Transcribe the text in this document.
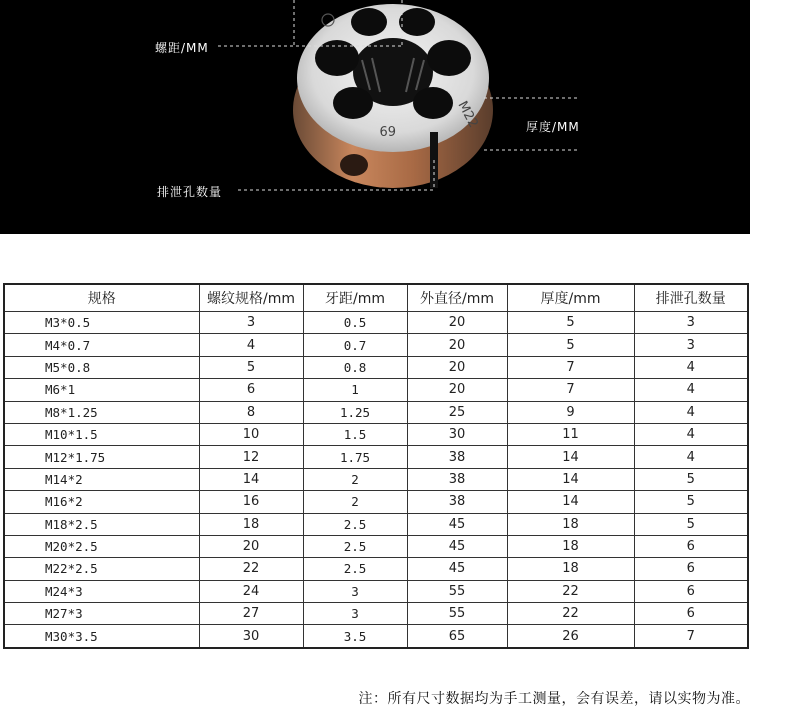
M22
69
螺距/MM
厚度/MM
排泄孔数量
规格	螺纹规格/mm	牙距/mm	外直径/mm	厚度/mm	排泄孔数量
M3*0.5	3	0.5	20	5	3
M4*0.7	4	0.7	20	5	3
M5*0.8	5	0.8	20	7	4
M6*1	6	1	20	7	4
M8*1.25	8	1.25	25	9	4
M10*1.5	10	1.5	30	11	4
M12*1.75	12	1.75	38	14	4
M14*2	14	2	38	14	5
M16*2	16	2	38	14	5
M18*2.5	18	2.5	45	18	5
M20*2.5	20	2.5	45	18	6
M22*2.5	22	2.5	45	18	6
M24*3	24	3	55	22	6
M27*3	27	3	55	22	6
M30*3.5	30	3.5	65	26	7
注：所有尺寸数据均为手工测量，会有误差，请以实物为准。
